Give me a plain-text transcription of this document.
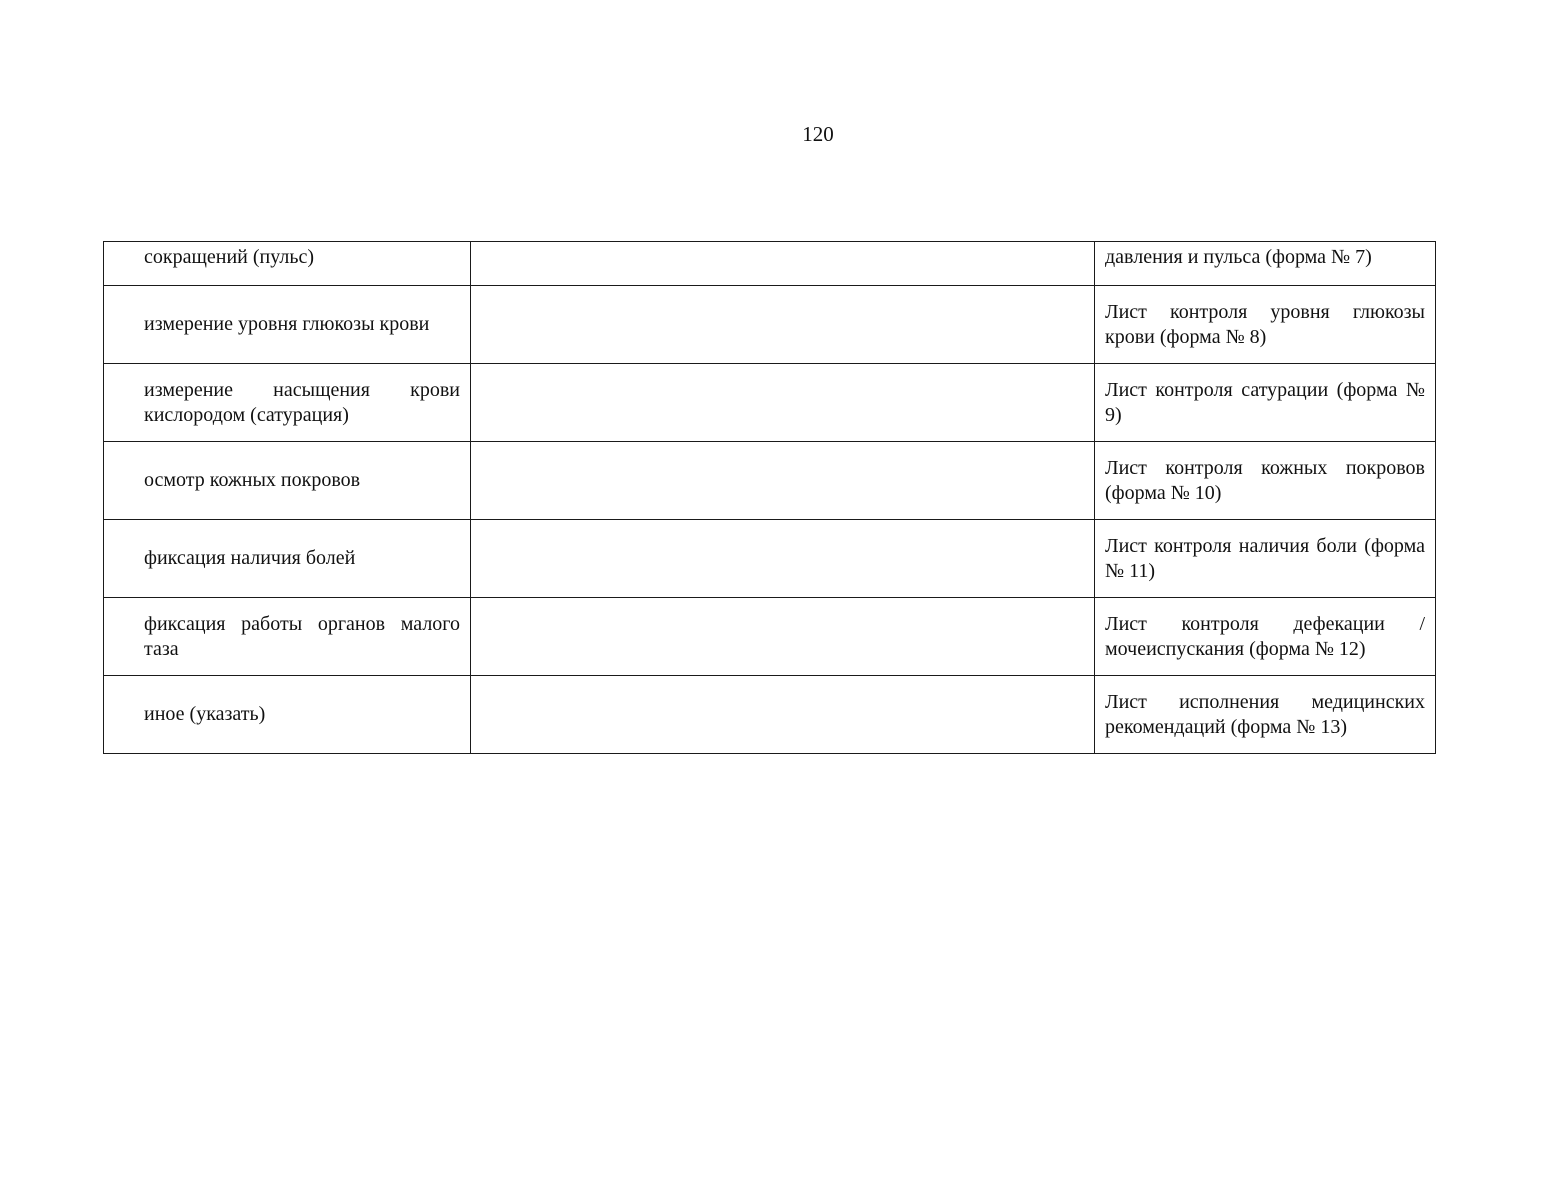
120
сокращений (пульс)		давления и пульса (форма № 7)
измерение уровня глюкозы крови		Лист контроля уровня глюкозы крови (форма № 8)
измерение насыщения крови кислородом (сатурация)		Лист контроля сатурации (форма № 9)
осмотр кожных покровов		Лист контроля кожных покровов (форма № 10)
фиксация наличия болей		Лист контроля наличия боли (форма № 11)
фиксация работы органов малого таза		Лист контроля дефекации /мочеиспускания (форма № 12)
иное (указать)		Лист исполнения медицинских рекомендаций (форма № 13)
